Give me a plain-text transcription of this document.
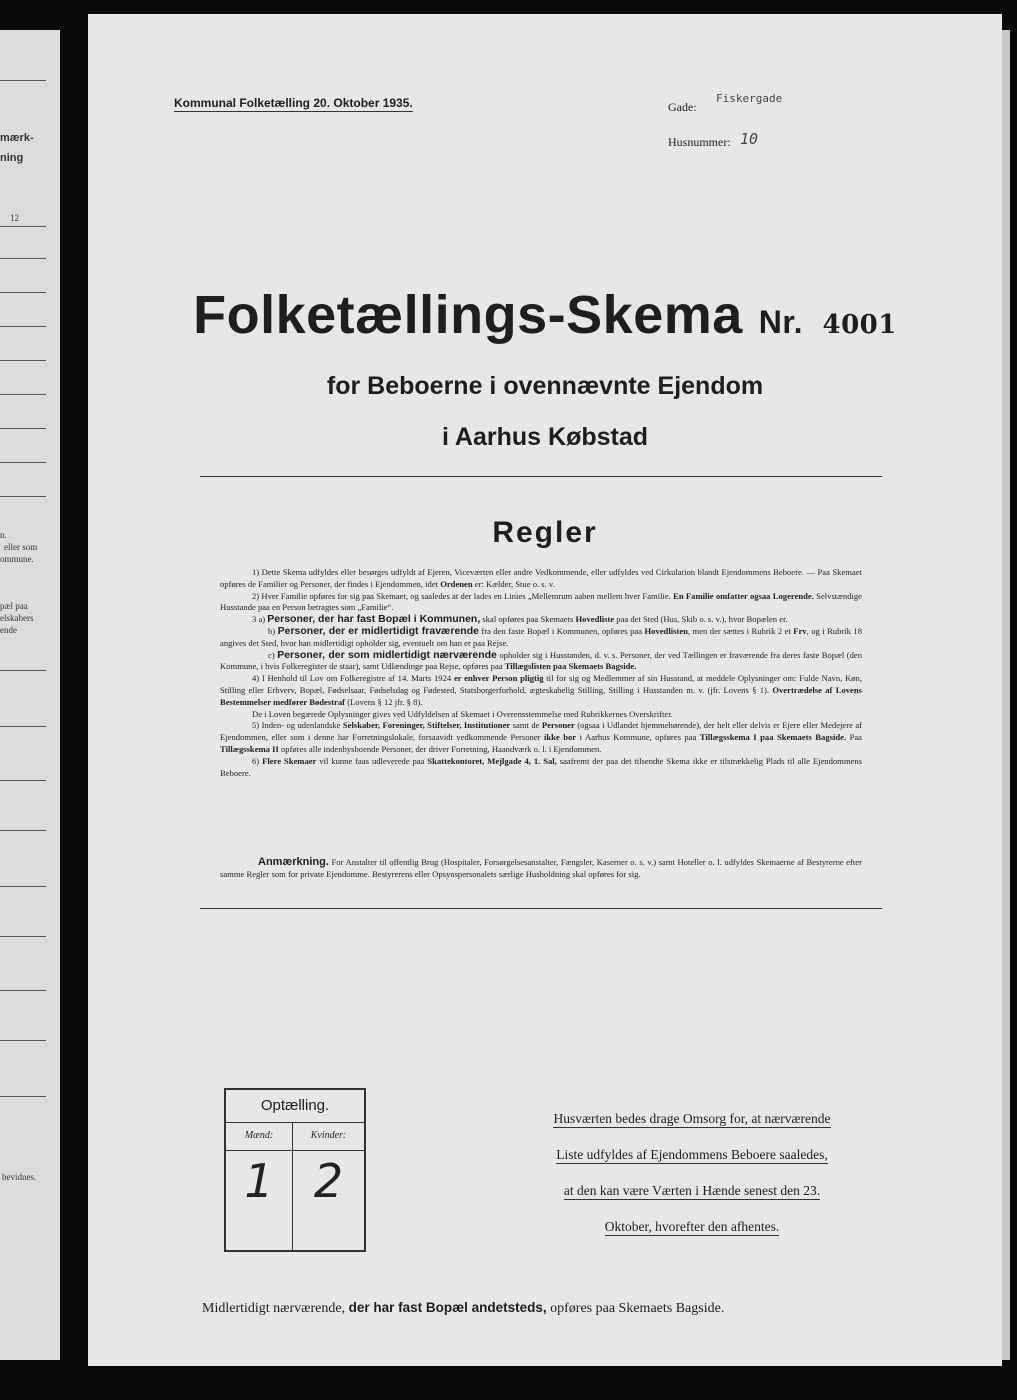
mærk-
ning
12
n.
eller som
ommune.
pæl paa
elskabers
ende
bevidnes.
Kommunal Folketælling 20. Oktober 1935.	Gade:
Fiskergade
Husnummer: 10
Folketællings-Skema Nr. 4001
for Beboerne i ovennævnte Ejendom
i Aarhus Købstad
Regler

1) Dette Skema udfyldes eller besørges udfyldt af Ejeren, Viceværten eller andre Vedkommende, eller udfyldes ved Cirkulation blandt Ejendommens Beboere. — Paa Skemaet opføres de Familier og Personer, der findes i Ejendommen, idet Ordenen er: Kælder, Stue o. s. v.

2) Hver Familie opføres for sig paa Skemaet, og saaledes at der lades en Linies „Mellemrum aaben mellem hver Familie. En Familie omfatter ogsaa Logerende. Selvstændige Husstande paa en Person betragtes som „Familie“.

3 a) Personer, der har fast Bopæl i Kommunen, skal opføres paa Skemaets Hovedliste paa det Sted (Hus, Skib o. s. v.), hvor Bopælen er.

b) Personer, der er midlertidigt fraværende fra den faste Bopæl i Kommunen, opføres paa Hovedlisten, men der sættes i Rubrik 2 et Frv, og i Rubrik 18 angives det Sted, hvor han midlertidigt opholder sig, eventuelt om han er paa Rejse.

c) Personer, der som midlertidigt nærværende opholder sig i Husstanden, d. v. s. Personer, der ved Tællingen er fraværende fra deres faste Bopæl (den Kommune, i hvis Folkeregister de staar), samt Udlændinge paa Rejse, opføres paa Tillægslisten paa Skemaets Bagside.

4) I Henhold til Lov om Folkeregistre af 14. Marts 1924 er enhver Person pligtig til for sig og Medlemmer af sin Husstand, at meddele Oplysninger om: Fulde Navn, Køn, Stilling eller Erhverv, Bopæl, Fødselsaar, Fødselsdag og Fødested, Statsborgerforhold, ægteskabelig Stilling, Stilling i Husstanden m. v. (jfr. Lovens § 1). Overtrædelse af Lovens Bestemmelser medfører Bødestraf (Lovens § 12 jfr. § 8).

De i Loven begærede Oplysninger gives ved Udfyldelsen af Skemaet i Overensstemmelse med Rubrikkernes Overskrifter.

5) Inden- og udenlandske Selskaber, Foreninger, Stiftelser, Institutioner samt de Personer (ogsaa i Udlandet hjemmehørende), der helt eller delvis er Ejere eller Medejere af Ejendommen, eller som i denne har Forretningslokale, forsaavidt vedkommende Personer ikke bor i Aarhus Kommune, opføres paa Tillægsskema I paa Skemaets Bagside. Paa Tillægsskema II opføres alle indenbysboende Personer, der driver Forretning, Haandværk o. l. i Ejendommen.

6) Flere Skemaer vil kunne faas udleverede paa Skattekontoret, Mejlgade 4, 1. Sal, saafremt der paa det tilsendte Skema ikke er tilstrækkelig Plads til alle Ejendommens Beboere.

Anmærkning. For Anstalter til offentlig Brug (Hospitaler, Forsørgelsesanstalter, Fængsler, Kaserner o. s. v.) samt Hoteller o. l. udfyldes Skemaerne af Bestyrerne efter samme Regler som for private Ejendomme. Bestyrerens eller Opsynspersonalets særlige Husholdning skal opføres for sig.
Optælling.
Mænd:	Kvinder:
1 2
Husværten bedes drage Omsorg for, at nærværende
Liste udfyldes af Ejendommens Beboere saaledes,
at den kan være Værten i Hænde senest den 23.
Oktober, hvorefter den afhentes.
Midlertidigt nærværende, der har fast Bopæl andetsteds, opføres paa Skemaets Bagside.
